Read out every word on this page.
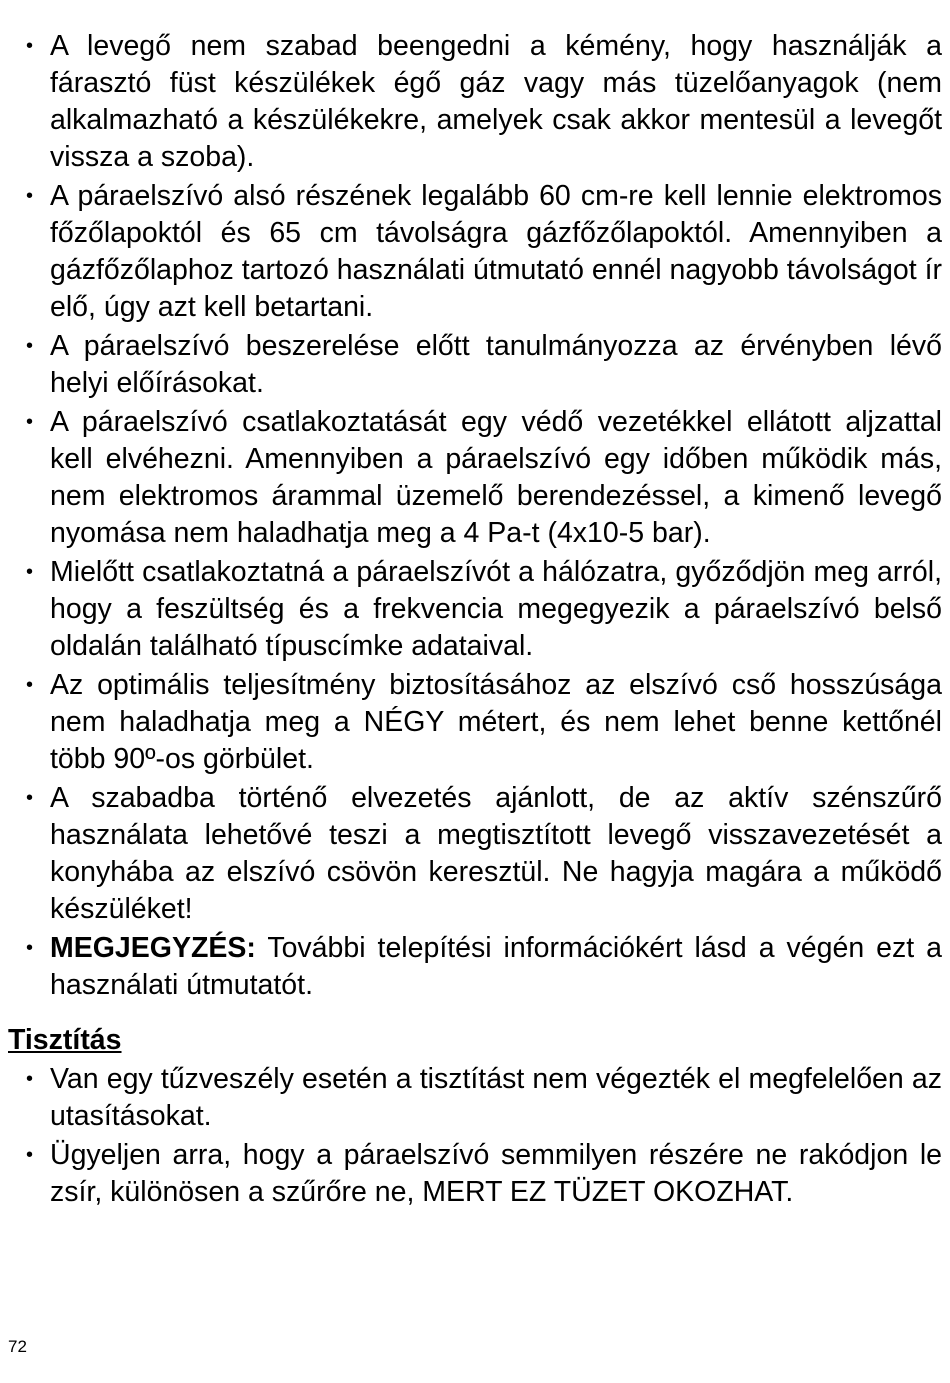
• A levegő nem szabad beengedni a kémény, hogy használják a fárasztó füst készülékek égő gáz vagy más tüzelőanyagok (nem alkalmazható a készülékekre, amelyek csak akkor mentesül a levegőt vissza a szoba).
• A páraelszívó alsó részének legalább 60 cm-re kell lennie elektromos főzőlapoktól és 65 cm távolságra gázfőzőlapoktól. Amennyiben a gázfőzőlaphoz tartozó használati útmutató ennél nagyobb távolságot ír elő, úgy azt kell betartani.
• A páraelszívó beszerelése előtt tanulmányozza az érvényben lévő helyi előírásokat.
• A páraelszívó csatlakoztatását egy védő vezetékkel ellátott aljzattal kell elvéhezni. Amennyiben a páraelszívó egy időben működik más, nem elektromos árammal üzemelő berendezéssel, a kimenő levegő nyomása nem haladhatja meg a 4 Pa-t (4x10-5 bar).
• Mielőtt csatlakoztatná a páraelszívót a hálózatra, győződjön meg arról, hogy a feszültség és a frekvencia megegyezik a páraelszívó belső oldalán található típuscímke adataival.
• Az optimális teljesítmény biztosításához az elszívó cső hosszúsága nem haladhatja meg a NÉGY métert, és nem lehet benne kettőnél több 90º-os görbület.
• A szabadba történő elvezetés ajánlott, de az aktív szénszűrő használata lehetővé teszi a megtisztított levegő visszavezetését a konyhába az elszívó csövön keresztül. Ne hagyja magára a működő készüléket!
• MEGJEGYZÉS: További telepítési információkért lásd a végén ezt a használati útmutatót.
Tisztítás
• Van egy tűzveszély esetén a tisztítást nem végezték el megfelelően az utasításokat.
• Ügyeljen arra, hogy a páraelszívó semmilyen részére ne rakódjon le zsír, különösen a szűrőre ne, MERT EZ TÜZET OKOZHAT.
72
